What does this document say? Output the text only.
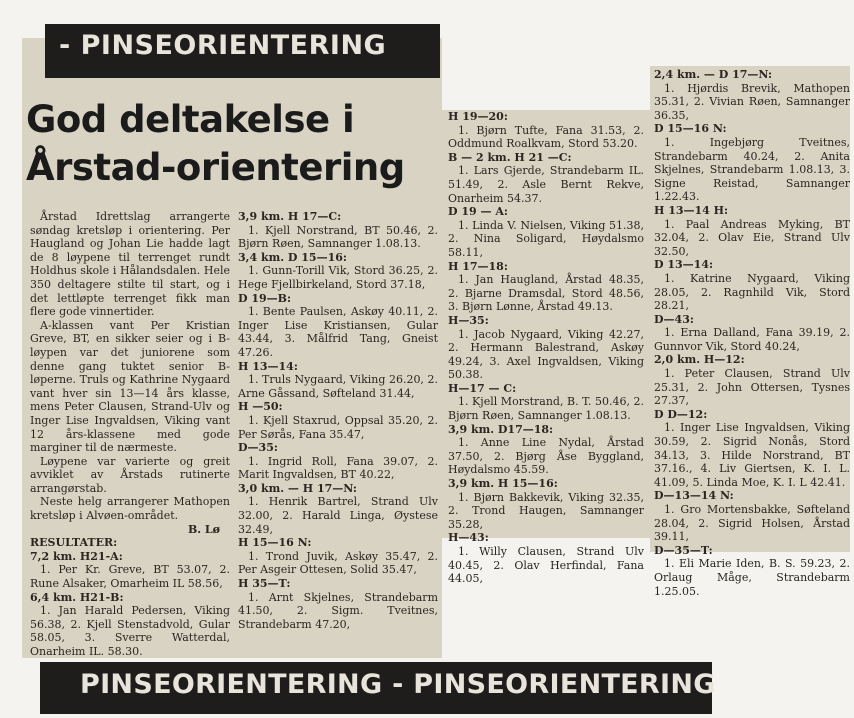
- PINSEORIENTERING
God deltakelse i
Årstad-orientering

Årstad Idrettslag arrangerte søndag kretsløp i orientering. Per Haugland og Johan Lie hadde lagt de 8 løypene til terrenget rundt Holdhus skole i Hålandsdalen. Hele 350 deltagere stilte til start, og i det lettløpte terrenget fikk man flere gode vinnertider.

A-klassen vant Per Kristian Greve, BT, en sikker seier og i B-løypen var det juniorene som denne gang tuktet senior B-løperne. Truls og Kathrine Nygaard vant hver sin 13—14 års klasse, mens Peter Clausen, Strand-Ulv og Inger Lise Ingvaldsen, Viking vant 12 års-klassene med gode marginer til de nærmeste.

Løypene var varierte og greit avviklet av Årstads rutinerte arrangørstab.

Neste helg arrangerer Mathopen kretsløp i Alvøen-området.

B. Lø

RESULTATER:

7,2 km. H21-A:

1. Per Kr. Greve, BT 53.07, 2. Rune Alsaker, Omarheim IL 58.56,

6,4 km. H21-B:

1. Jan Harald Pedersen, Viking 56.38, 2. Kjell Stenstadvold, Gular 58.05, 3. Sverre Watterdal, Onarheim IL. 58.30.

3,9 km. H 17—C:

1. Kjell Norstrand, BT 50.46, 2. Bjørn Røen, Samnanger 1.08.13.

3,4 km. D 15—16:

1. Gunn-Torill Vik, Stord 36.25, 2. Hege Fjellbirkeland, Stord 37.18,

D 19—B:

1. Bente Paulsen, Askøy 40.11, 2. Inger Lise Kristiansen, Gular 43.44, 3. Målfrid Tang, Gneist 47.26.

H 13—14:

1. Truls Nygaard, Viking 26.20, 2. Arne Gåssand, Søfteland 31.44,

H —50:

1. Kjell Staxrud, Oppsal 35.20, 2. Per Sørås, Fana 35.47,

D—35:

1. Ingrid Roll, Fana 39.07, 2. Marit Ingvaldsen, BT 40.22,

3,0 km. — H 17—N:

1. Henrik Bartrel, Strand Ulv 32.00, 2. Harald Linga, Øystese 32.49,

H 15—16 N:

1. Trond Juvik, Askøy 35.47, 2. Per Asgeir Ottesen, Solid 35.47,

H 35—T:

1. Arnt Skjelnes, Strandebarm 41.50, 2. Sigm. Tveitnes, Strandebarm 47.20,

H 19—20:

1. Bjørn Tufte, Fana 31.53, 2. Oddmund Roalkvam, Stord 53.20.

B — 2 km. H 21 —C:

1. Lars Gjerde, Strandebarm IL. 51.49, 2. Asle Bernt Rekve, Onarheim 54.37.

D 19 — A:

1. Linda V. Nielsen, Viking 51.38, 2. Nina Soligard, Høydalsmo 58.11,

H 17—18:

1. Jan Haugland, Årstad 48.35, 2. Bjarne Dramsdal, Stord 48.56, 3. Bjørn Lønne, Årstad 49.13.

H—35:

1. Jacob Nygaard, Viking 42.27, 2. Hermann Balestrand, Askøy 49.24, 3. Axel Ingvaldsen, Viking 50.38.

H—17 — C:

1. Kjell Morstrand, B. T. 50.46, 2. Bjørn Røen, Samnanger 1.08.13.

3,9 km. D17—18:

1. Anne Line Nydal, Årstad 37.50, 2. Bjørg Åse Byggland, Høydalsmo 45.59.

3,9 km. H 15—16:

1. Bjørn Bakkevik, Viking 32.35, 2. Trond Haugen, Samnanger 35.28,

H—43:

1. Willy Clausen, Strand Ulv 40.45, 2. Olav Herfindal, Fana 44.05,

2,4 km. — D 17—N:

1. Hjørdis Brevik, Mathopen 35.31, 2. Vivian Røen, Samnanger 36.35,

D 15—16 N:

1. Ingebjørg Tveitnes, Strandebarm 40.24, 2. Anita Skjelnes, Strandebarm 1.08.13, 3. Signe Reistad, Samnanger 1.22.43.

H 13—14 H:

1. Paal Andreas Myking, BT 32.04, 2. Olav Eie, Strand Ulv 32.50,

D 13—14:

1. Katrine Nygaard, Viking 28.05, 2. Ragnhild Vik, Stord 28.21,

D—43:

1. Erna Dalland, Fana 39.19, 2. Gunnvor Vik, Stord 40.24,

2,0 km. H—12:

1. Peter Clausen, Strand Ulv 25.31, 2. John Ottersen, Tysnes 27.37,

D D—12:

1. Inger Lise Ingvaldsen, Viking 30.59, 2. Sigrid Nonås, Stord 34.13, 3. Hilde Norstrand, BT 37.16., 4. Liv Giertsen, K. I. L. 41.09, 5. Linda Moe, K. I. L 42.41.

D—13—14 N:

1. Gro Mortensbakke, Søfteland 28.04, 2. Sigrid Holsen, Årstad 39.11,

D—35—T:

1. Eli Marie Iden, B. S. 59.23, 2. Orlaug Måge, Strandebarm 1.25.05.

PINSEORIENTERING - PINSEORIENTERING
